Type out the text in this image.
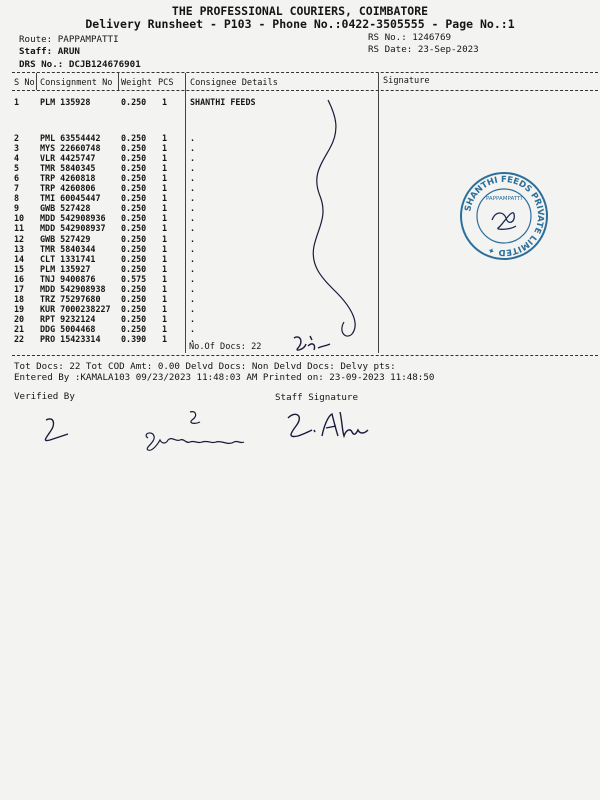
THE PROFESSIONAL COURIERS, COIMBATORE
Delivery Runsheet - P103 - Phone No.:0422-3505555 - Page No.:1
Route: PAPPAMPATTI
Staff: ARUN
DRS No.: DCJB124676901
RS No.: 1246769
RS Date: 23-Sep-2023
S No Consignment No Weight PCS Consignee Details	Signature
1 PLM 135928	0.250 1	SHANTHI FEEDS
2 PML 63554442 0.250 1	.
3 MYS 22660748 0.250 1	.
4 VLR 4425747	0.250 1	.
5 TMR 5840345	0.250 1	.
6 TRP 4260818	0.250 1	.
7 TRP 4260806	0.250 1	.
8 TMI 60045447 0.250 1	.
9 GWB 527428	0.250 1	.
10 MDD 542908936 0.250 1	.
11 MDD 542908937 0.250 1	.
12 GWB 527429	0.250 1	.
13 TMR 5840344	0.250 1	.
14 CLT 1331741	0.250 1	.
15 PLM 135927	0.250 1	.
16 TNJ 9400876	0.575 1	.
17 MDD 542908938 0.250 1	.
18 TRZ 75297680 0.250 1	.
19 KUR 7000238227 0.250 1	.
20 RPT 9232124	0.250 1	.
21 DDG 5004468	0.250 1	.
22 PRO 15423314 0.390 1	.
No.Of Docs: 22
Tot Docs: 22 Tot COD Amt: 0.00 Delvd Docs: Non Delvd Docs: Delvy pts:
Entered By :KAMALA103 09/23/2023 11:48:03 AM Printed on: 23-09-2023 11:48:50
Verified By	Staff Signature
SHANTHI FEEDS PRIVATE LIMITED ✦
PAPPAMPATTI
